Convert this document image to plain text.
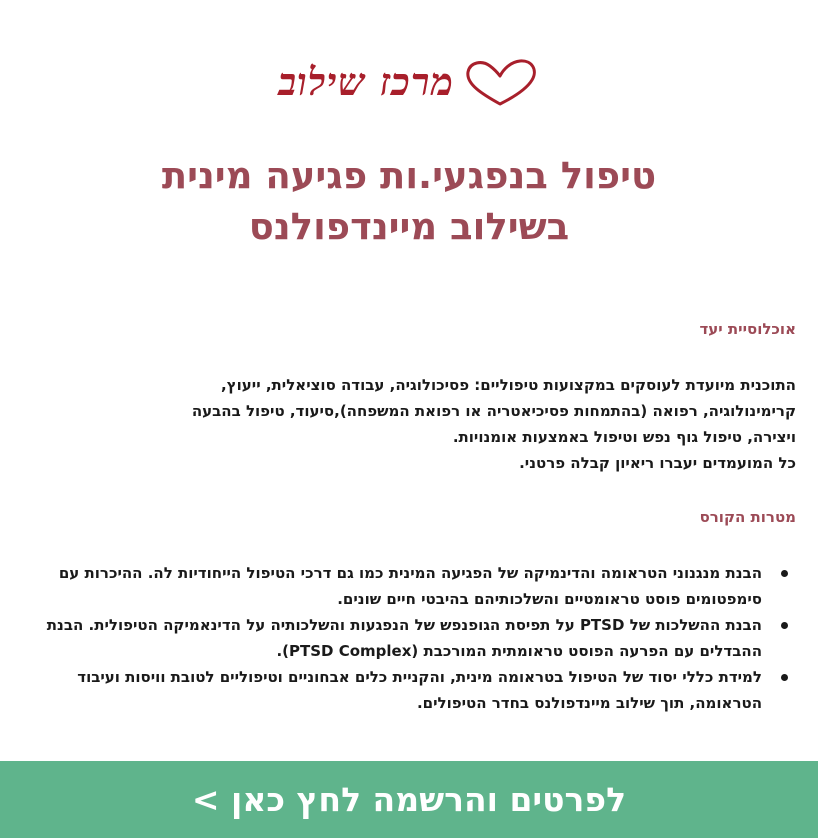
מרכז שילוב
טיפול בנפגעי.ות פגיעה מינית
בשילוב מיינדפולנס
אוכלוסיית יעד
התוכנית מיועדת לעוסקים במקצועות טיפוליים: פסיכולוגיה, עבודה סוציאלית, ייעוץ,
קרימינולוגיה, רפואה (בהתמחות פסיכיאטריה או רפואת המשפחה),סיעוד, טיפול בהבעה
ויצירה, טיפול גוף נפש וטיפול באמצעות אומנויות.
כל המועמדים יעברו ריאיון קבלה פרטני.
מטרות הקורס
הבנת מנגנוני הטראומה והדינמיקה של הפגיעה המינית כמו גם דרכי הטיפול הייחודיות לה. ההיכרות עם סימפטומים פוסט טראומטיים והשלכותיהם בהיבטי חיים שונים.
הבנת ההשלכות של PTSD על תפיסת הגופנפש של הנפגעות והשלכותיה על הדינאמיקה הטיפולית. הבנת ההבדלים עם הפרעה הפוסט טראומתית המורכבת (PTSD Complex).
למידת כללי יסוד של הטיפול בטראומה מינית, והקניית כלים אבחוניים וטיפוליים לטובת וויסות ועיבוד הטראומה, תוך שילוב מיינדפולנס בחדר הטיפולים.
לפרטים והרשמה לחץ כאן >
